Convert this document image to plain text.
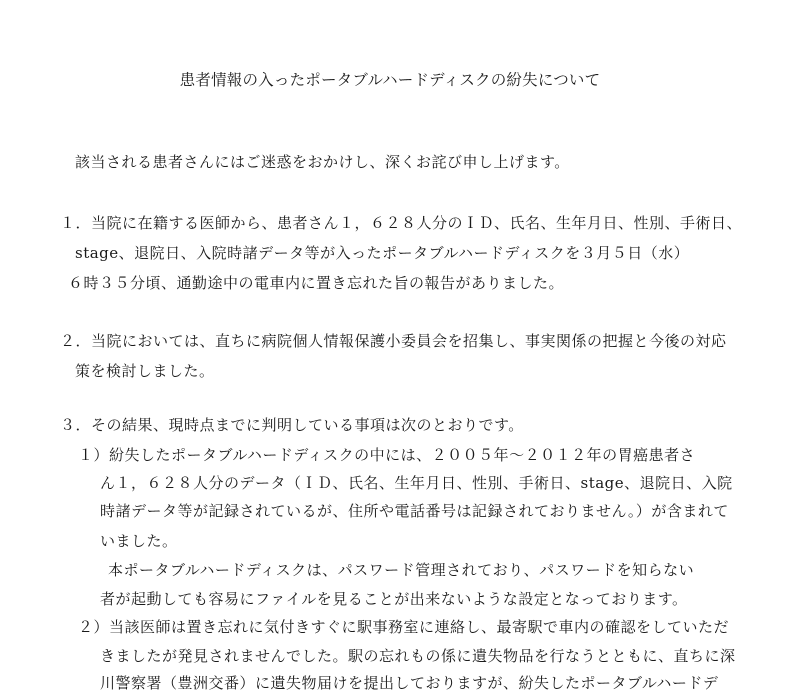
患者情報の入ったポータブルハードディスクの紛失について
該当される患者さんにはご迷惑をおかけし、深くお詫び申し上げます。
１．当院に在籍する医師から、患者さん１，６２８人分のＩＤ、氏名、生年月日、性別、手術日、
stage、退院日、入院時諸データ等が入ったポータブルハードディスクを３月５日（水）
６時３５分頃、通勤途中の電車内に置き忘れた旨の報告がありました。
２．当院においては、直ちに病院個人情報保護小委員会を招集し、事実関係の把握と今後の対応
策を検討しました。
３．その結果、現時点までに判明している事項は次のとおりです。
１）紛失したポータブルハードディスクの中には、２００５年～２０１２年の胃癌患者さ
ん１，６２８人分のデータ（ＩＤ、氏名、生年月日、性別、手術日、stage、退院日、入院
時諸データ等が記録されているが、住所や電話番号は記録されておりません。）が含まれて
いました。
本ポータブルハードディスクは、パスワード管理されており、パスワードを知らない
者が起動しても容易にファイルを見ることが出来ないような設定となっております。
２）当該医師は置き忘れに気付きすぐに駅事務室に連絡し、最寄駅で車内の確認をしていただ
きましたが発見されませんでした。駅の忘れもの係に遺失物品を行なうとともに、直ちに深
川警察署（豊洲交番）に遺失物届けを提出しておりますが、紛失したポータブルハードデ
